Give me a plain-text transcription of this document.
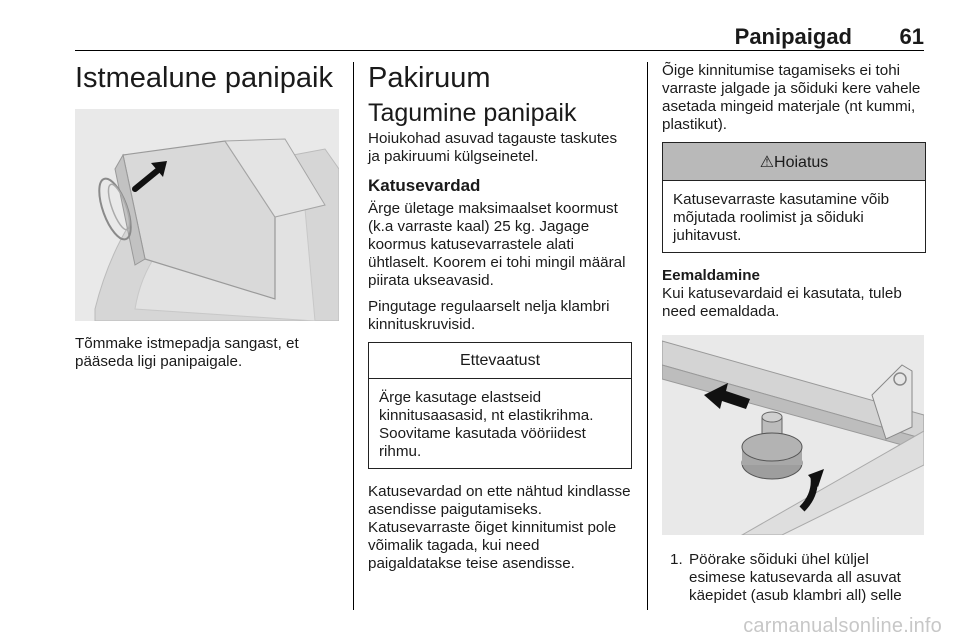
Panipaigad 61
Istmealune panipaik
Tõmmake istmepadja sangast, et pääseda ligi panipaigale.
Pakiruum
Tagumine panipaik
Hoiukohad asuvad tagauste taskutes ja pakiruumi külgseinetel.
Katusevardad
Ärge ületage maksimaalset koormust (k.a varraste kaal) 25 kg. Jagage koormus katusevarrastele alati ühtlaselt. Koorem ei tohi mingil määral piirata ukseavasid.
Pingutage regulaarselt nelja klambri kinnituskruvisid.
Ettevaatust
Ärge kasutage elastseid kinnitusaasasid, nt elastikrihma. Soovitame kasutada vööriidest rihmu.
Katusevardad on ette nähtud kindlasse asendisse paigutamiseks. Katusevarraste õiget kinnitumist pole võimalik tagada, kui need paigaldatakse teise asendisse.
Õige kinnitumise tagamiseks ei tohi varraste jalgade ja sõiduki kere vahele asetada mingeid materjale (nt kummi, plastikut).
⚠Hoiatus
Katusevarraste kasutamine võib mõjutada roolimist ja sõiduki juhitavust.
Eemaldamine
Kui katusevardaid ei kasutata, tuleb need eemaldada.
1. Pöörake sõiduki ühel küljel esimese katusevarda all asuvat käepidet (asub klambri all) selle
carmanualsonline.info
